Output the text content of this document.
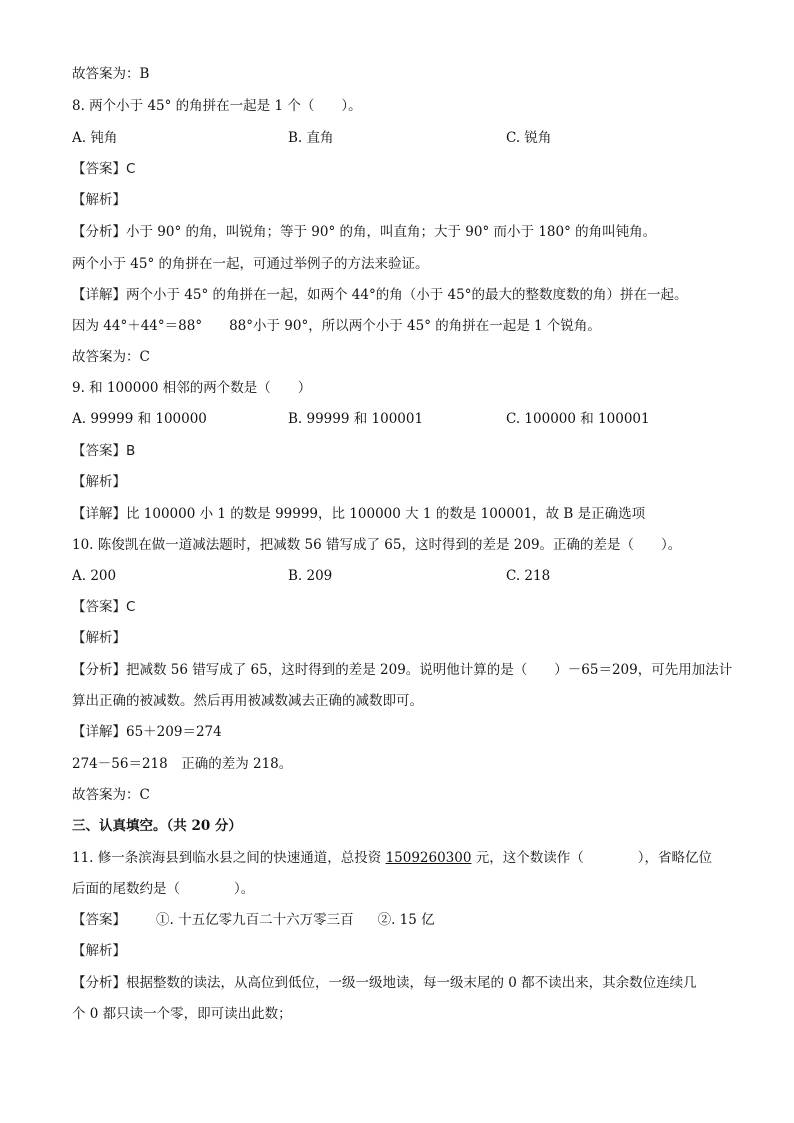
故答案为：B
8. 两个小于 45° 的角拼在一起是 1 个（　　）。
A. 钝角	B. 直角	C. 锐角
【答案】C
【解析】
【分析】小于 90° 的角，叫锐角；等于 90° 的角，叫直角；大于 90° 而小于 180° 的角叫钝角。
两个小于 45° 的角拼在一起，可通过举例子的方法来验证。
【详解】两个小于 45° 的角拼在一起，如两个 44°的角（小于 45°的最大的整数度数的角）拼在一起。
因为 44°＋44°＝88°　　88°小于 90°，所以两个小于 45° 的角拼在一起是 1 个锐角。
故答案为：C
9. 和 100000 相邻的两个数是（　　）
A. 99999 和 100000	B. 99999 和 100001	C. 100000 和 100001
【答案】B
【解析】
【详解】比 100000 小 1 的数是 99999，比 100000 大 1 的数是 100001，故 B 是正确选项
10. 陈俊凯在做一道减法题时，把减数 56 错写成了 65，这时得到的差是 209。正确的差是（　　）。
A. 200	B. 209	C. 218
【答案】C
【解析】
【分析】把减数 56 错写成了 65，这时得到的差是 209。说明他计算的是（　　）－65＝209，可先用加法计
算出正确的被减数。然后再用被减数减去正确的减数即可。
【详解】65＋209＝274
274－56＝218　正确的差为 218。
故答案为：C
三、认真填空。（共 20 分）
11. 修一条滨海县到临水县之间的快速通道，总投资 1509260300 元，这个数读作（　　　　），省略亿位
后面的尾数约是（　　　　）。
【答案】 ①. 十五亿零九百二十六万零三百 ②. 15 亿
【解析】
【分析】根据整数的读法，从高位到低位，一级一级地读，每一级末尾的 0 都不读出来，其余数位连续几
个 0 都只读一个零，即可读出此数；
